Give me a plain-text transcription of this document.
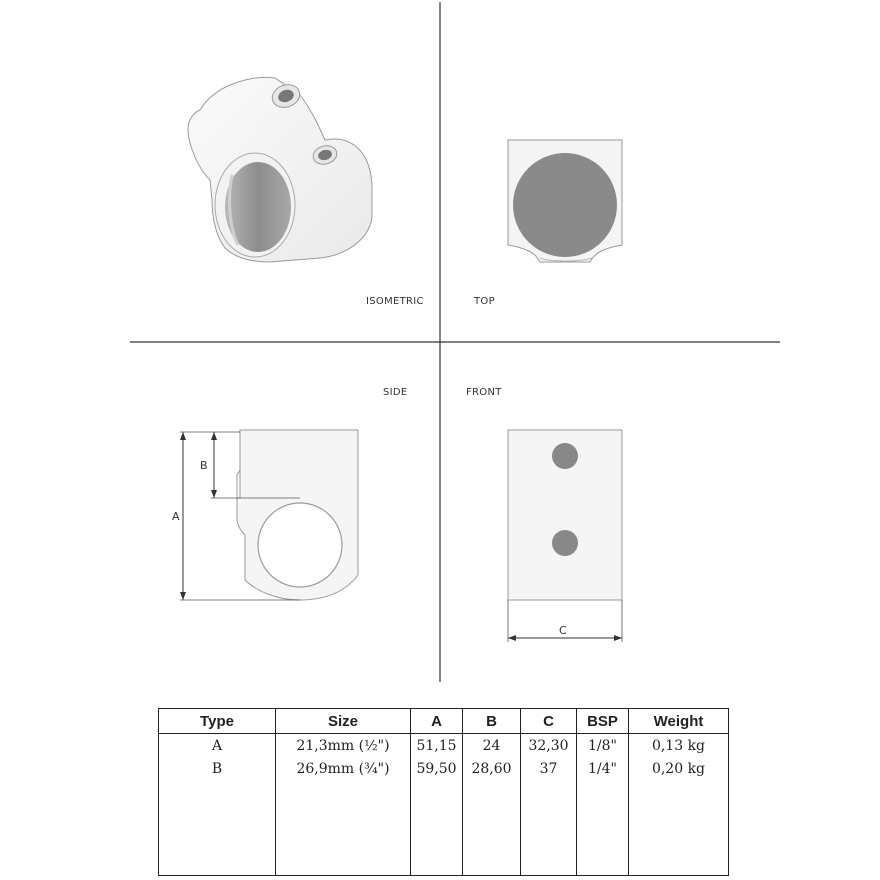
A
B
C
ISOMETRIC	TOP
SIDE	FRONT
Type	Size	A	B	C	BSP	Weight
A	21,3mm (½")	51,15	24	32,30	1/8"	0,13 kg
B	26,9mm (¾")	59,50	28,60	37	1/4"	0,20 kg
